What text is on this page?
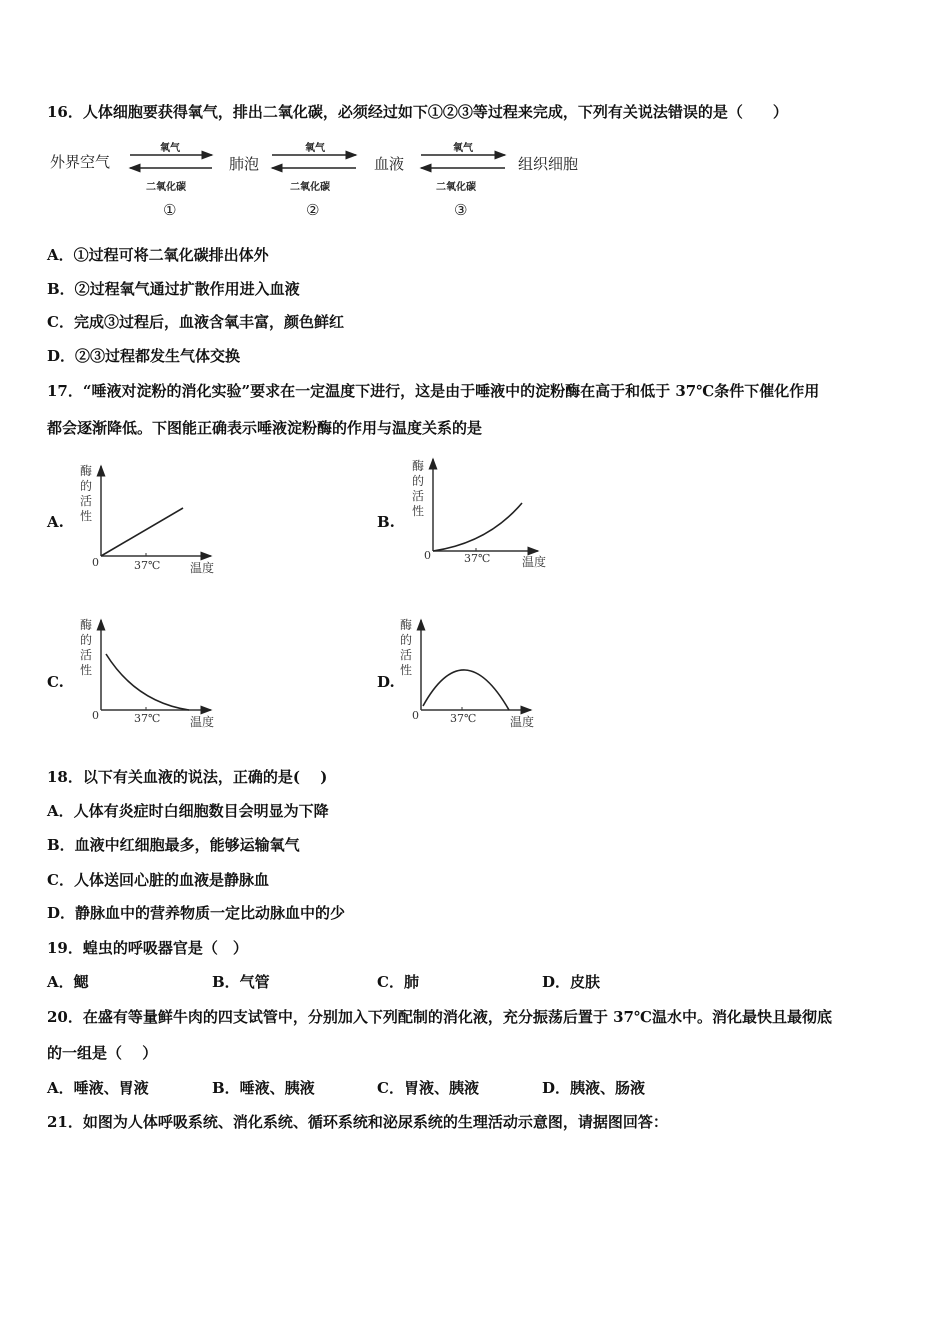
16．人体细胞要获得氧气，排出二氧化碳，必须经过如下①②③等过程来完成，下列有关说法错误的是（　　）
外界空气	肺泡	血液	组织细胞
氧气	氧气	氧气
二氧化碳	二氧化碳	二氧化碳
①	②	③
A．①过程可将二氧化碳排出体外
B．②过程氧气通过扩散作用进入血液
C．完成③过程后，血液含氧丰富，颜色鲜红
D．②③过程都发生气体交换
17．“唾液对淀粉的消化实验”要求在一定温度下进行，这是由于唾液中的淀粉酶在高于和低于 37℃条件下催化作用
都会逐渐降低。下图能正确表示唾液淀粉酶的作用与温度关系的是
A.
酶的活性
0	37℃ 温度
B.
酶的活性
0	37℃	温度
C.
酶的活性
0	37℃ 温度
D.
酶的活性
0	37℃	温度
18．以下有关血液的说法，正确的是(　 )
A．人体有炎症时白细胞数目会明显为下降
B．血液中红细胞最多，能够运输氧气
C．人体送回心脏的血液是静脉血
D．静脉血中的营养物质一定比动脉血中的少
19．蝗虫的呼吸器官是（　）
A．鳃	B．气管	C．肺	D．皮肤
20．在盛有等量鲜牛肉的四支试管中，分别加入下列配制的消化液，充分振荡后置于 37℃温水中。消化最快且最彻底
的一组是（　 ）
A．唾液、胃液	B．唾液、胰液	C．胃液、胰液	D．胰液、肠液
21．如图为人体呼吸系统、消化系统、循环系统和泌尿系统的生理活动示意图，请据图回答：
